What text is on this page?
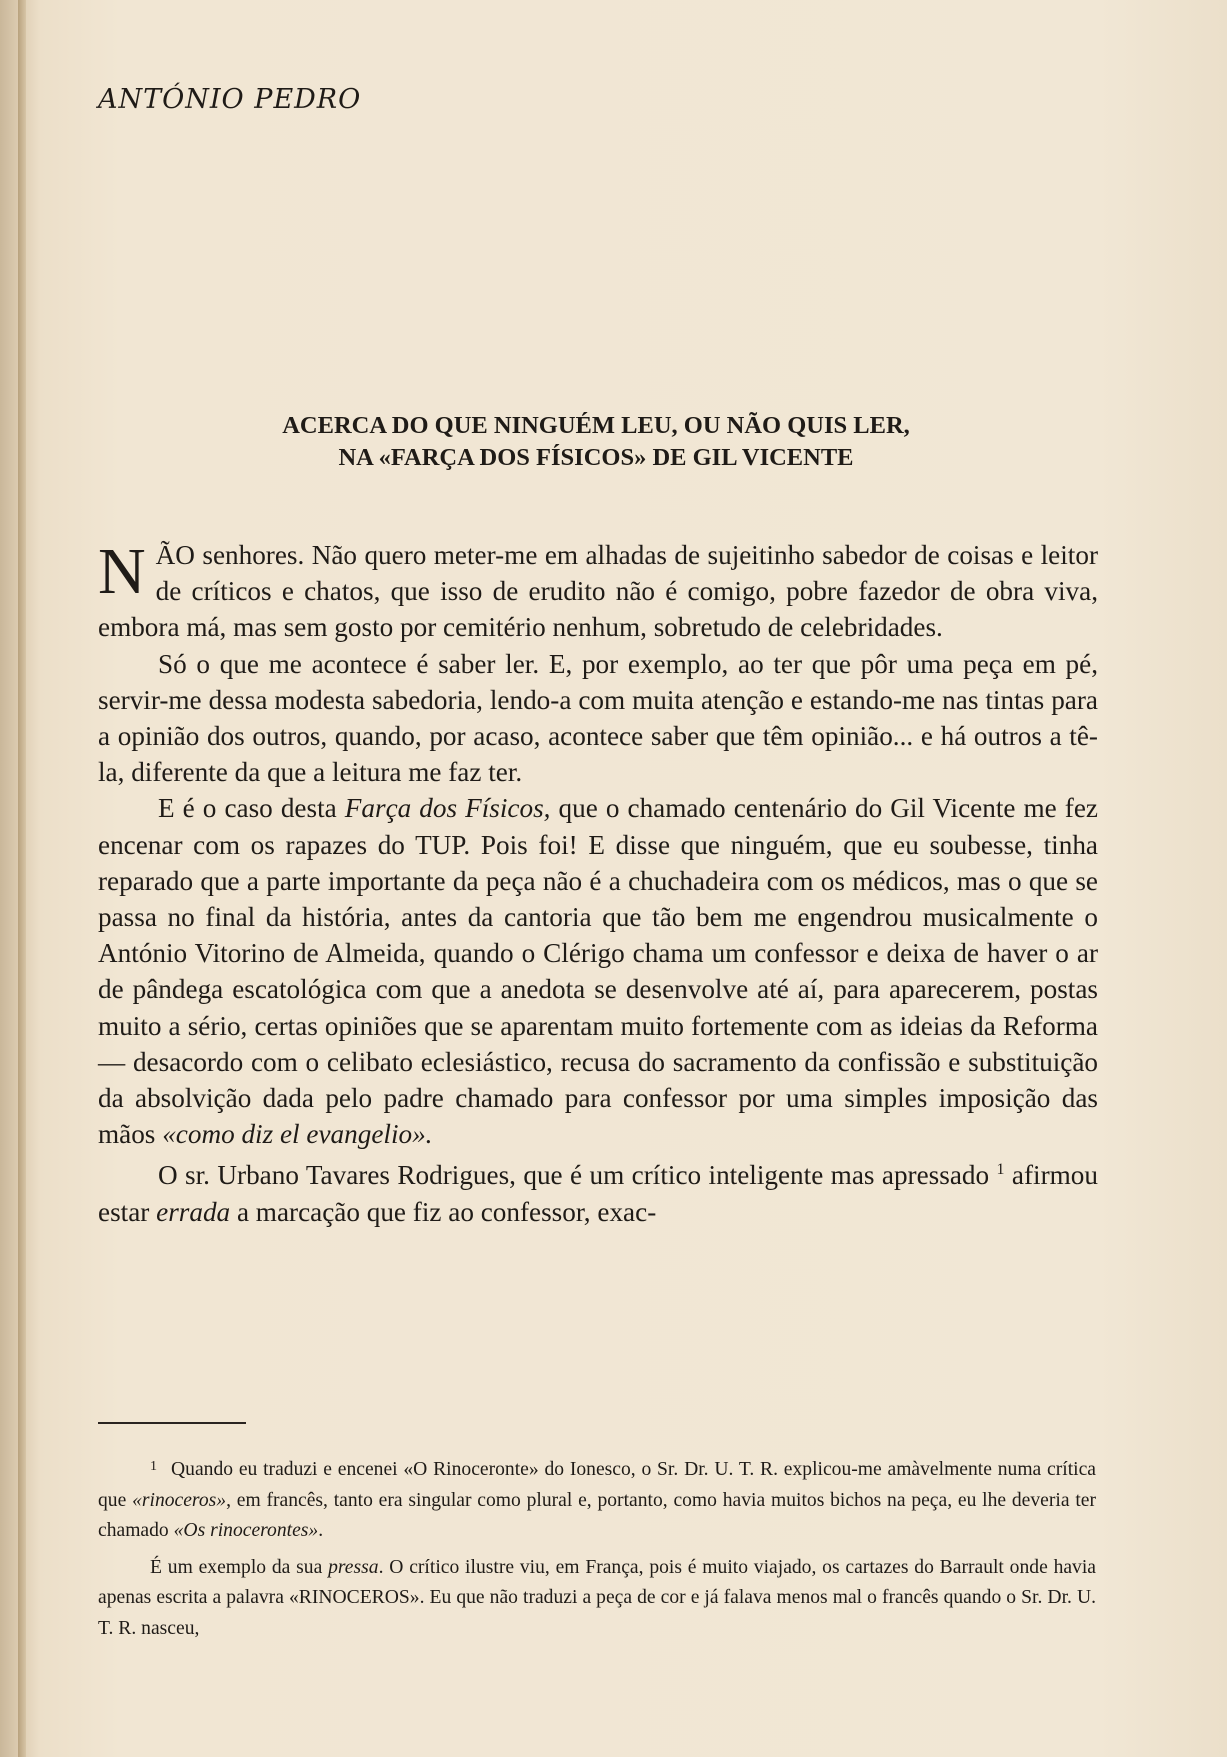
ANTÓNIO PEDRO
ACERCA DO QUE NINGUÉM LEU, OU NÃO QUIS LER,
NA «FARÇA DOS FÍSICOS» DE GIL VICENTE

NÃO senhores. Não quero meter-me em alhadas de sujeitinho sabedor de coisas e leitor de críticos e chatos, que isso de erudito não é comigo, pobre fazedor de obra viva, embora má, mas sem gosto por cemitério nenhum, sobretudo de celebridades.

Só o que me acontece é saber ler. E, por exemplo, ao ter que pôr uma peça em pé, servir-me dessa modesta sabedoria, lendo-a com muita atenção e estando-me nas tintas para a opinião dos outros, quando, por acaso, acontece saber que têm opinião... e há outros a tê-la, diferente da que a leitura me faz ter.

E é o caso desta Farça dos Físicos, que o chamado centenário do Gil Vicente me fez encenar com os rapazes do TUP. Pois foi! E disse que ninguém, que eu soubesse, tinha reparado que a parte importante da peça não é a chuchadeira com os médicos, mas o que se passa no final da história, antes da cantoria que tão bem me engendrou musicalmente o António Vitorino de Almeida, quando o Clérigo chama um confessor e deixa de haver o ar de pândega escatológica com que a anedota se desenvolve até aí, para aparecerem, postas muito a sério, certas opiniões que se aparentam muito fortemente com as ideias da Reforma — desacordo com o celibato eclesiástico, recusa do sacramento da confissão e substituição da absolvição dada pelo padre chamado para confessor por uma simples imposição das mãos «como diz el evangelio».

O sr. Urbano Tavares Rodrigues, que é um crítico inteligente mas apressado $^1$ afirmou estar errada a marcação que fiz ao confessor, exac-

$^1$ Quando eu traduzi e encenei «O Rinoceronte» do Ionesco, o Sr. Dr. U. T. R. explicou-me amàvelmente numa crítica que «rinoceros», em francês, tanto era singular como plural e, portanto, como havia muitos bichos na peça, eu lhe deveria ter chamado «Os rinocerontes».

É um exemplo da sua pressa. O crítico ilustre viu, em França, pois é muito viajado, os cartazes do Barrault onde havia apenas escrita a palavra «RINOCEROS». Eu que não traduzi a peça de cor e já falava menos mal o francês quando o Sr. Dr. U. T. R. nasceu,
